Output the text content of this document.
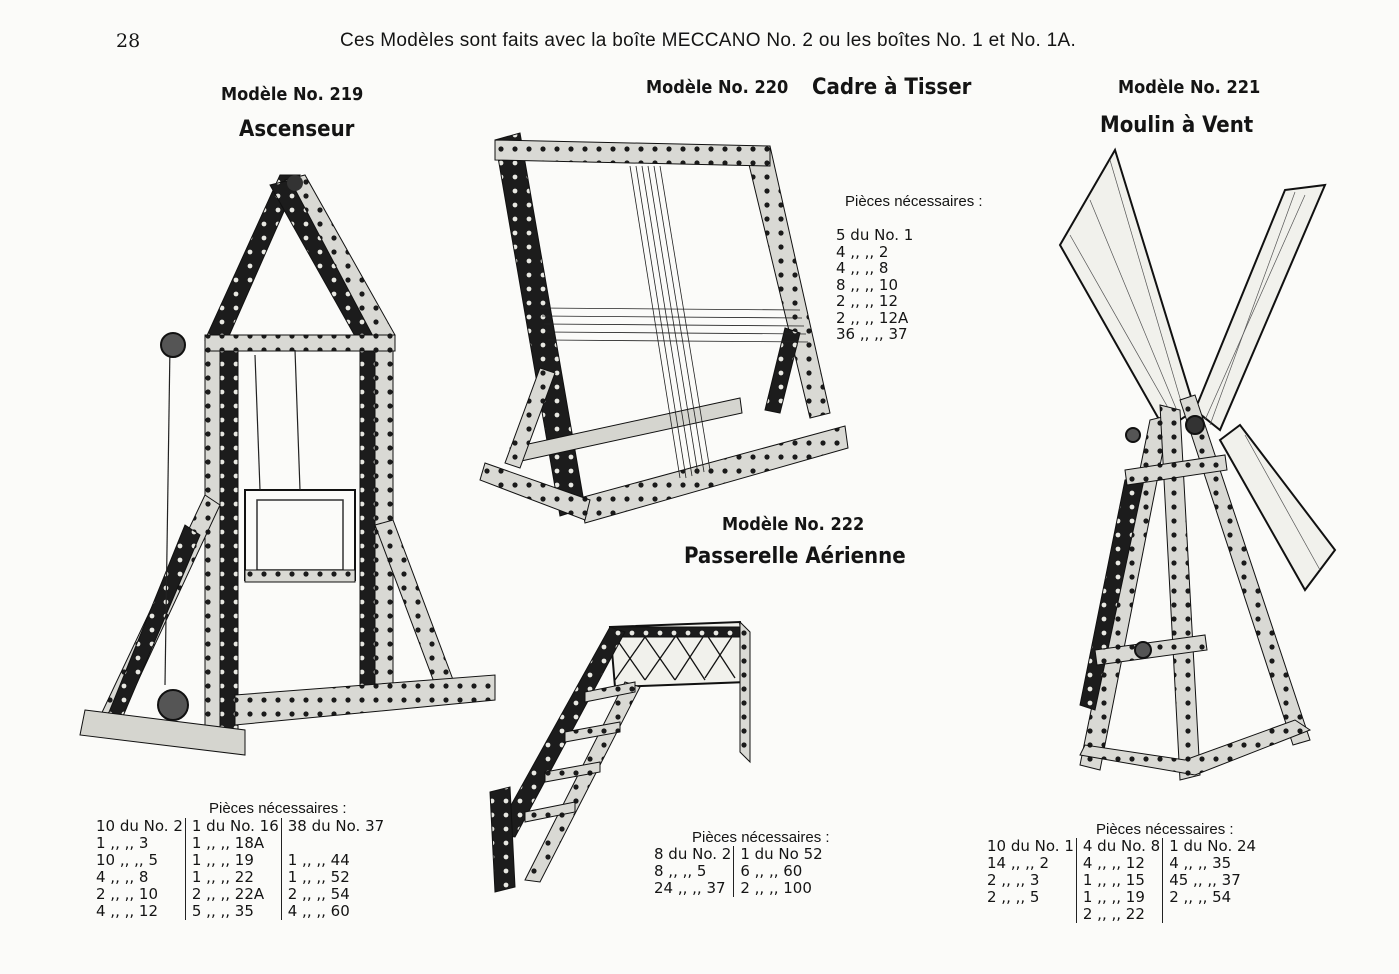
28	Ces Modèles sont faits avec la boîte MECCANO No. 2 ou les boîtes No. 1 et No. 1A.
Modèle No. 219
Ascenseur
Pièces nécessaires :
10 du No. 2	1 du No. 16	38 du No. 37
1 ,, ,, 3	1 ,, ,, 18A	
10 ,, ,, 5	1 ,, ,, 19	1 ,, ,, 44
4 ,, ,, 8	1 ,, ,, 22	1 ,, ,, 52
2 ,, ,, 10	2 ,, ,, 22A	2 ,, ,, 54
4 ,, ,, 12	5 ,, ,, 35	4 ,, ,, 60
Modèle No. 220 Cadre à Tisser
Pièces nécessaires :
5 du No. 1
4 ,, ,, 2
4 ,, ,, 8
8 ,, ,, 10
2 ,, ,, 12
2 ,, ,, 12A
36 ,, ,, 37
Modèle No. 221
Moulin à Vent
Pièces nécessaires :
10 du No. 1	4 du No. 8	1 du No. 24
14 ,, ,, 2	4 ,, ,, 12	4 ,, ,, 35
2 ,, ,, 3	1 ,, ,, 15	45 ,, ,, 37
2 ,, ,, 5	1 ,, ,, 19	2 ,, ,, 54
	2 ,, ,, 22	
Modèle No. 222
Passerelle Aérienne
Pièces nécessaires :
8 du No. 2	1 du No 52
8 ,, ,, 5	6 ,, ,, 60
24 ,, ,, 37	2 ,, ,, 100
